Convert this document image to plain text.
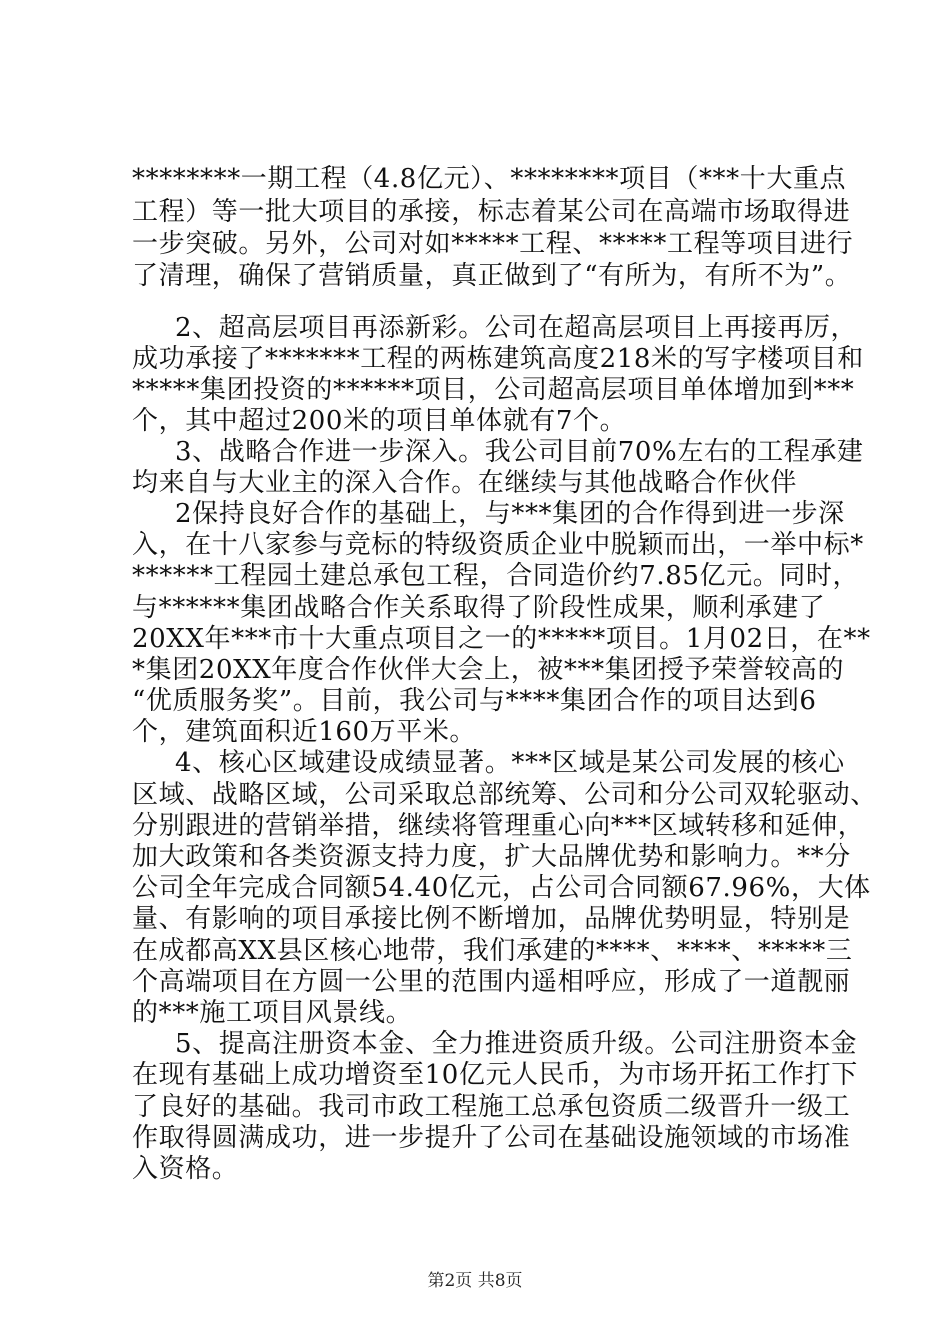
第2页 共8页
********一期工程（4.8亿元）、********项目（***十大重点
工程）等一批大项目的承接，标志着某公司在高端市场取得进
一步突破。另外，公司对如*****工程、*****工程等项目进行
了清理，确保了营销质量，真正做到了“有所为，有所不为”。
2、超高层项目再添新彩。公司在超高层项目上再接再厉，
成功承接了*******工程的两栋建筑高度218米的写字楼项目和
*****集团投资的******项目，公司超高层项目单体增加到***
个，其中超过200米的项目单体就有7个。
3、战略合作进一步深入。我公司目前70%左右的工程承建
均来自与大业主的深入合作。在继续与其他战略合作伙伴
2保持良好合作的基础上，与***集团的合作得到进一步深
入，在十八家参与竞标的特级资质企业中脱颖而出，一举中标*
******工程园土建总承包工程，合同造价约7.85亿元。同时，
与******集团战略合作关系取得了阶段性成果，顺利承建了
20XX年***市十大重点项目之一的*****项目。1月02日，在**
*集团20XX年度合作伙伴大会上，被***集团授予荣誉较高的
“优质服务奖”。目前，我公司与****集团合作的项目达到6
个，建筑面积近160万平米。
4、核心区域建设成绩显著。***区域是某公司发展的核心
区域、战略区域，公司采取总部统筹、公司和分公司双轮驱动、
分别跟进的营销举措，继续将管理重心向***区域转移和延伸，
加大政策和各类资源支持力度，扩大品牌优势和影响力。**分
公司全年完成合同额54.40亿元，占公司合同额67.96%，大体
量、有影响的项目承接比例不断增加，品牌优势明显，特别是
在成都高XX县区核心地带，我们承建的****、****、*****三
个高端项目在方圆一公里的范围内遥相呼应，形成了一道靓丽
的***施工项目风景线。
5、提高注册资本金、全力推进资质升级。公司注册资本金
在现有基础上成功增资至10亿元人民币，为市场开拓工作打下
了良好的基础。我司市政工程施工总承包资质二级晋升一级工
作取得圆满成功，进一步提升了公司在基础设施领域的市场准
入资格。
